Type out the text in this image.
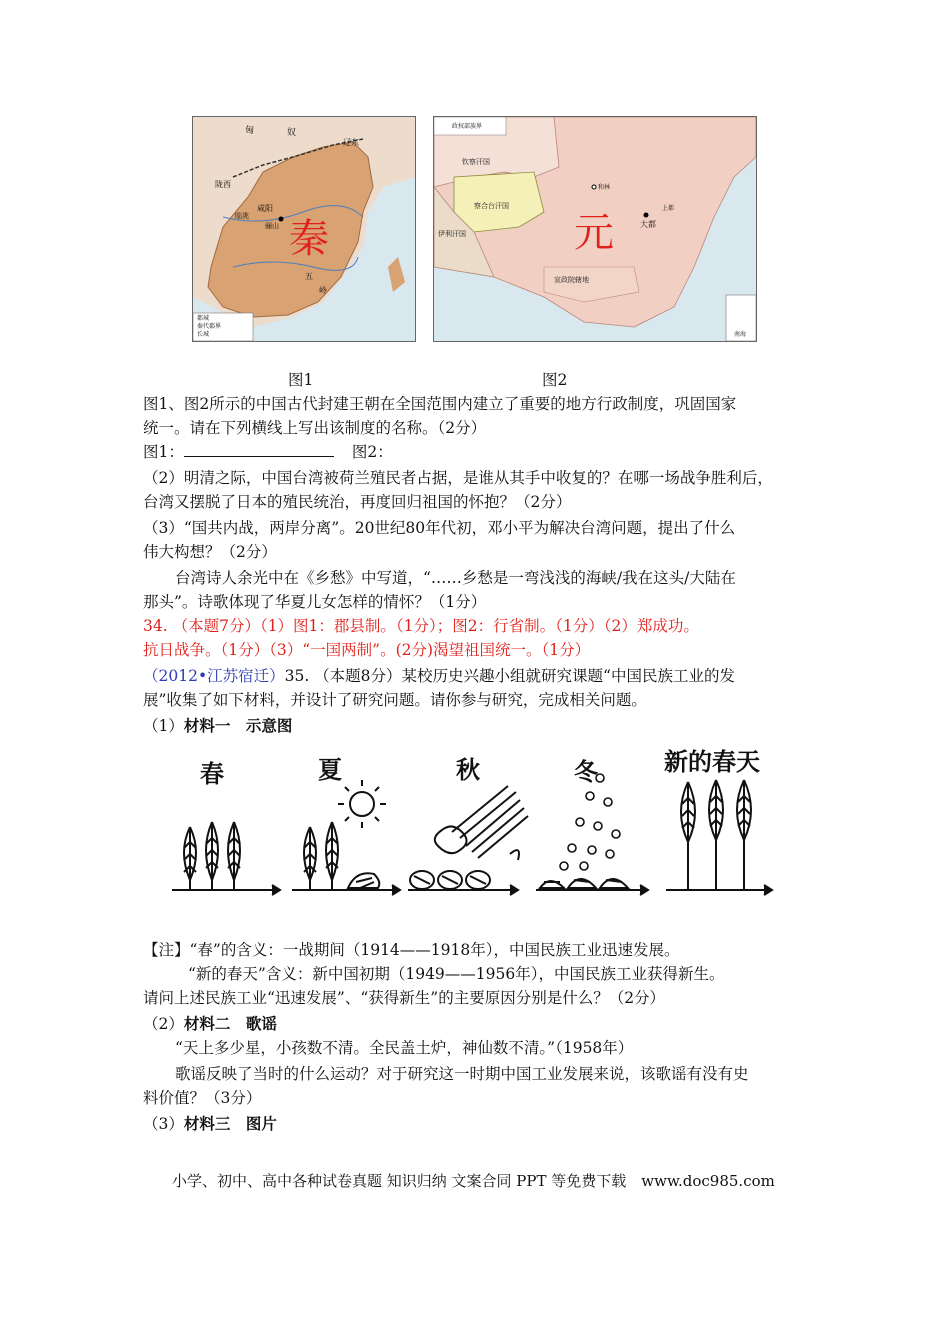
秦
匈	奴
辽东
陇西
咸阳
临洮
骊山
五
岭
都城
秦代郡界
长城
元
政权部族界
钦察汗国
察合台汗国
伊利汗国
和林
上都
大都
宣政院辖地
南海
图1	图2
图1、图2所示的中国古代封建王朝在全国范围内建立了重要的地方行政制度，巩固国家
统一。请在下列横线上写出该制度的名称。（2分）
图1：	图2：
（2）明清之际，中国台湾被荷兰殖民者占据，是谁从其手中收复的？在哪一场战争胜利后，
台湾又摆脱了日本的殖民统治，再度回归祖国的怀抱？（2分）
（3）“国共内战，两岸分离”。20世纪80年代初，邓小平为解决台湾问题，提出了什么
伟大构想？（2分）
台湾诗人余光中在《乡愁》中写道，“……乡愁是一弯浅浅的海峡/我在这头/大陆在
那头”。诗歌体现了华夏儿女怎样的情怀？（1分）
34. （本题7分）（1）图1：郡县制。（1分）；图2：行省制。（1分）（2）郑成功。
抗日战争。（1分）（3）“一国两制”。(2分)渴望祖国统一。（1分）
（2012•江苏宿迁）35. （本题8分）某校历史兴趣小组就研究课题“中国民族工业的发
展”收集了如下材料，并设计了研究问题。请你参与研究，完成相关问题。
（1）材料一　示意图
春	夏	秋	冬	新的春天
【注】“春”的含义：一战期间（1914——1918年），中国民族工业迅速发展。
“新的春天”含义：新中国初期（1949——1956年），中国民族工业获得新生。
请问上述民族工业“迅速发展”、“获得新生”的主要原因分别是什么？（2分）
（2）材料二　歌谣
“天上多少星，小孩数不清。全民盖土炉，神仙数不清。”（1958年）
歌谣反映了当时的什么运动？对于研究这一时期中国工业发展来说，该歌谣有没有史
料价值？（3分）
（3）材料三　图片
小学、初中、高中各种试卷真题 知识归纳 文案合同 PPT 等免费下载　www.doc985.com
